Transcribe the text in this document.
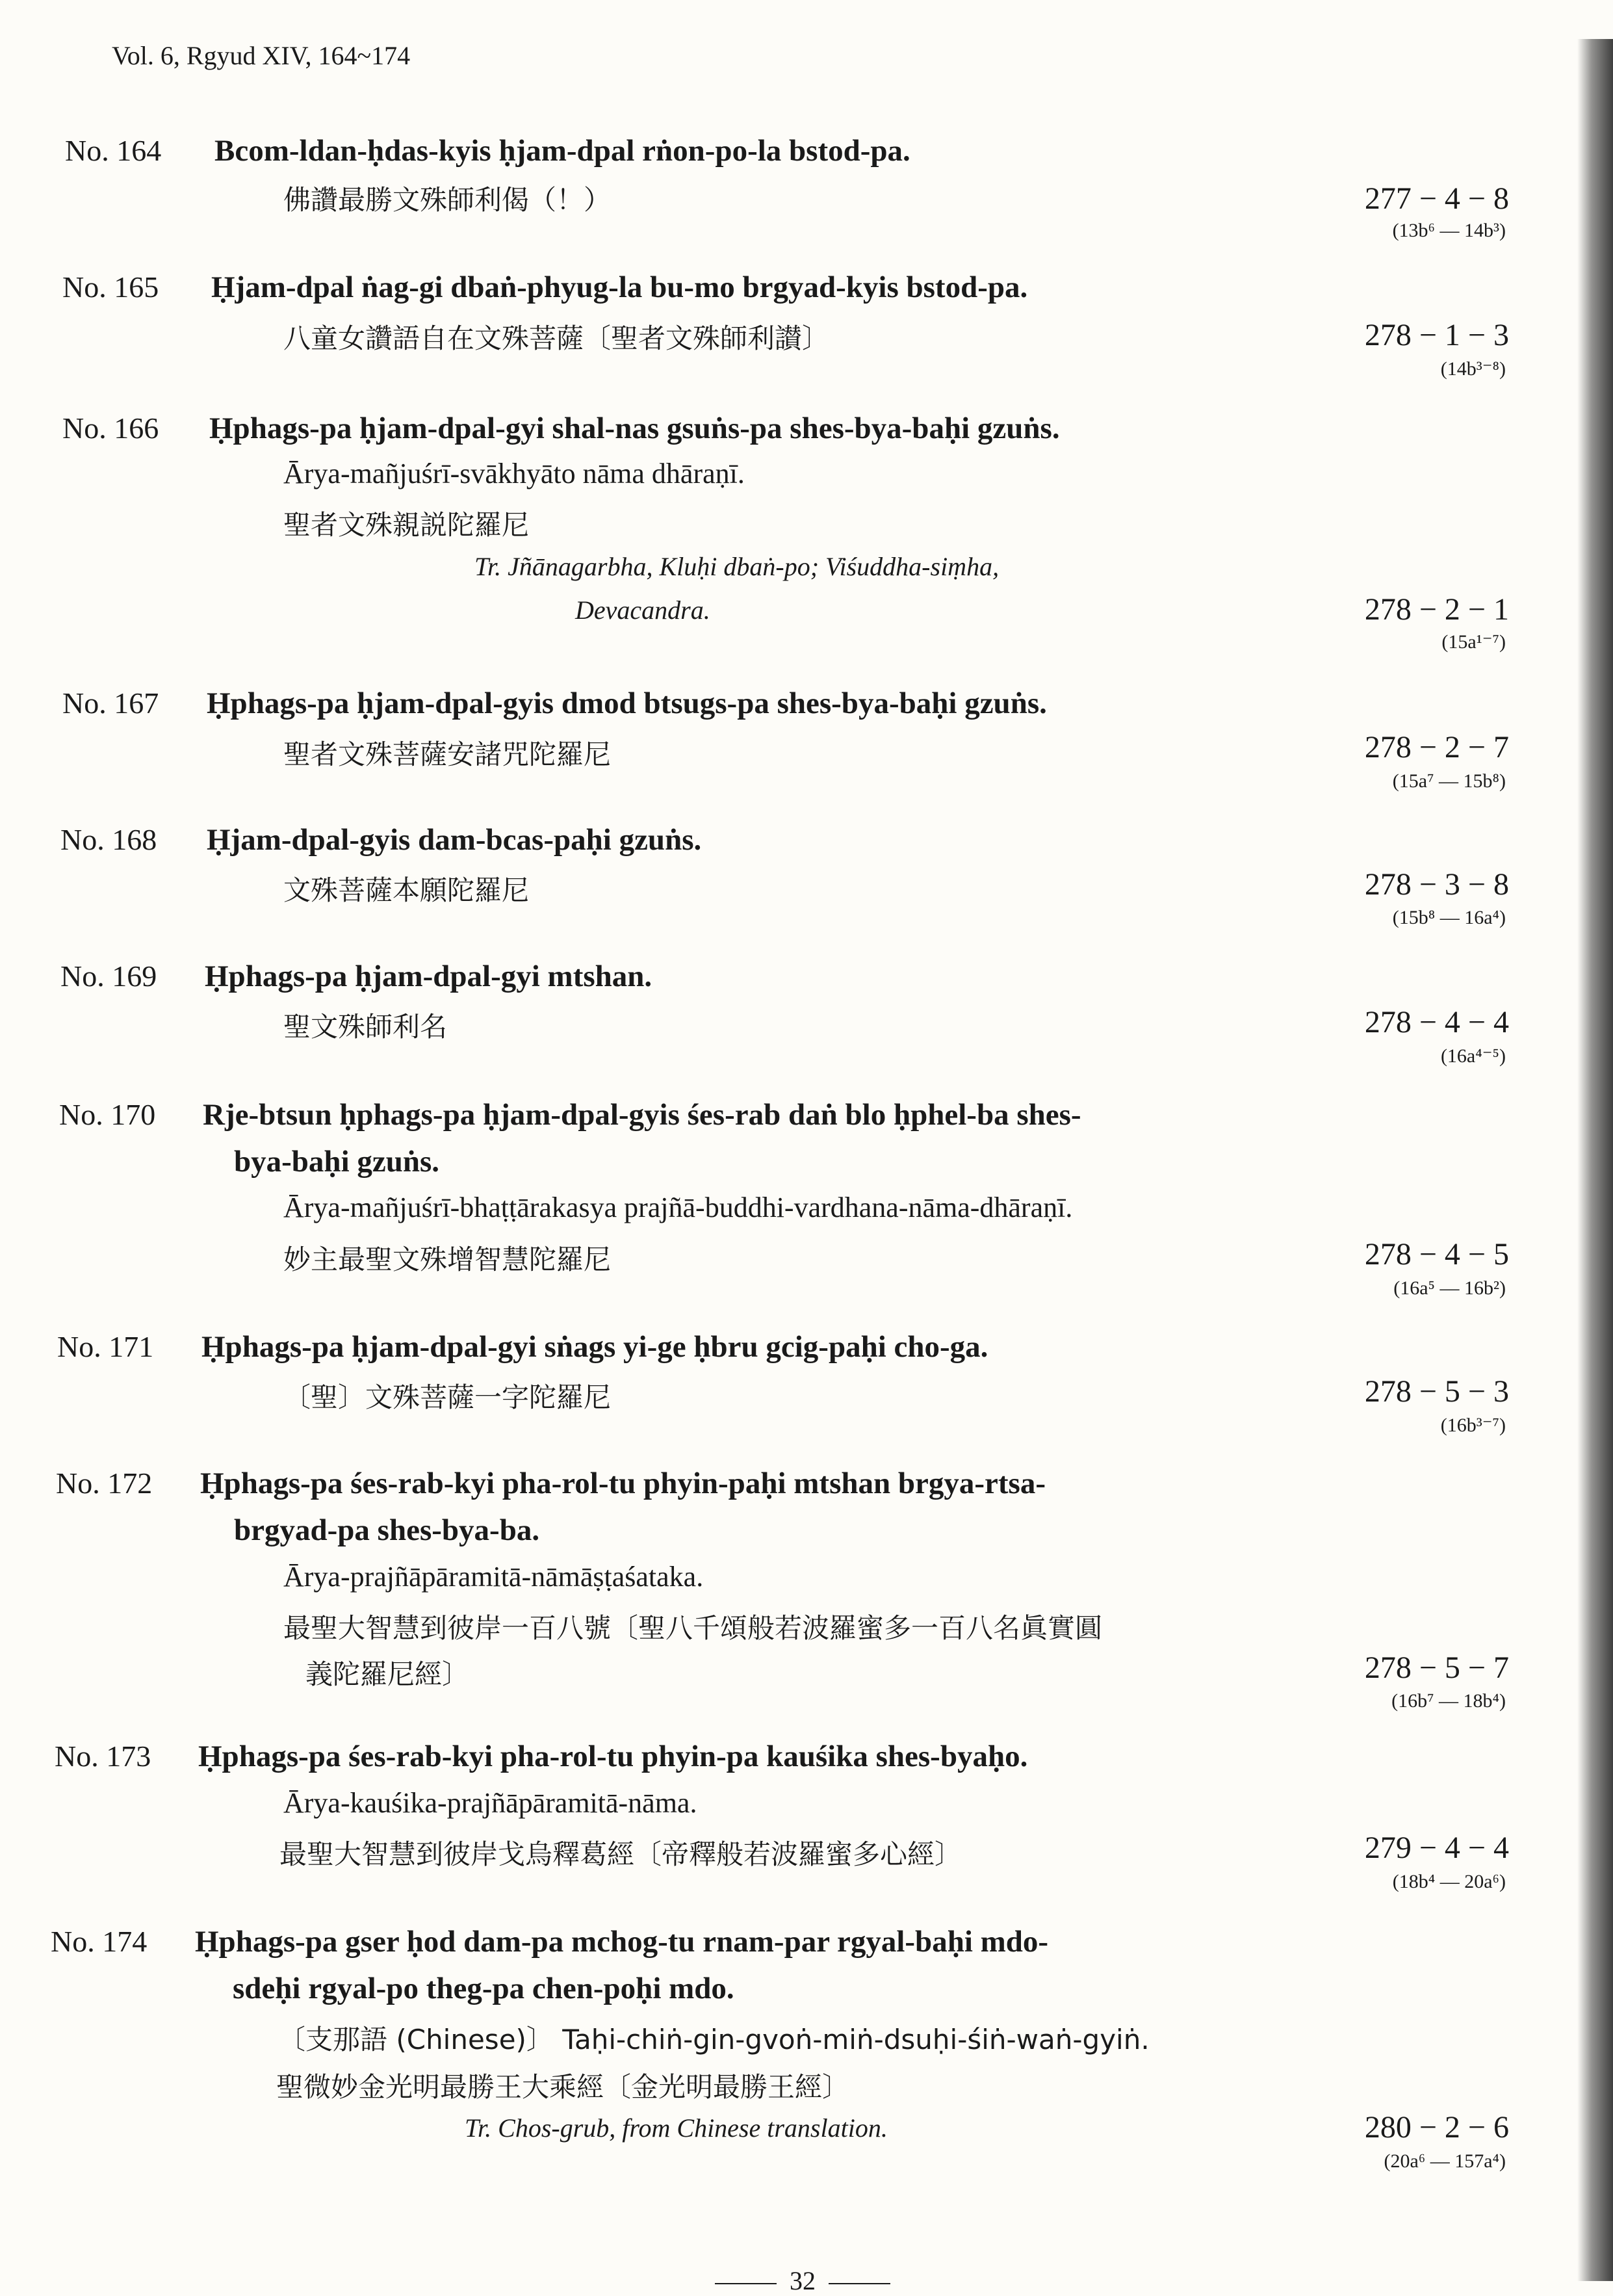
Vol. 6, Rgyud XIV, 164~174
No. 164 Bcom-ldan-ḥdas-kyis ḥjam-dpal rṅon-po-la bstod-pa.
佛讚最勝文殊師利偈（！）	277 − 4 − 8
(13b⁶ — 14b³)
No. 165 Ḥjam-dpal ṅag-gi dbaṅ-phyug-la bu-mo brgyad-kyis bstod-pa.
八童女讚語自在文殊菩薩〔聖者文殊師利讃〕	278 − 1 − 3
(14b³⁻⁸)
No. 166 Ḥphags-pa ḥjam-dpal-gyi shal-nas gsuṅs-pa shes-bya-baḥi gzuṅs.
Ārya-mañjuśrī-svākhyāto nāma dhāraṇī.
聖者文殊親説陀羅尼
Tr. Jñānagarbha, Kluḥi dbaṅ-po; Viśuddha-siṃha,
Devacandra.	278 − 2 − 1
(15a¹⁻⁷)
No. 167 Ḥphags-pa ḥjam-dpal-gyis dmod btsugs-pa shes-bya-baḥi gzuṅs.
聖者文殊菩薩安諸咒陀羅尼	278 − 2 − 7
(15a⁷ — 15b⁸)
No. 168 Ḥjam-dpal-gyis dam-bcas-paḥi gzuṅs.
文殊菩薩本願陀羅尼	278 − 3 − 8
(15b⁸ — 16a⁴)
No. 169 Ḥphags-pa ḥjam-dpal-gyi mtshan.
聖文殊師利名	278 − 4 − 4
(16a⁴⁻⁵)
No. 170 Rje-btsun ḥphags-pa ḥjam-dpal-gyis śes-rab daṅ blo ḥphel-ba shes-
bya-baḥi gzuṅs.
Ārya-mañjuśrī-bhaṭṭārakasya prajñā-buddhi-vardhana-nāma-dhāraṇī.
妙主最聖文殊增智慧陀羅尼	278 − 4 − 5
(16a⁵ — 16b²)
No. 171 Ḥphags-pa ḥjam-dpal-gyi sṅags yi-ge ḥbru gcig-paḥi cho-ga.
〔聖〕文殊菩薩一字陀羅尼	278 − 5 − 3
(16b³⁻⁷)
No. 172 Ḥphags-pa śes-rab-kyi pha-rol-tu phyin-paḥi mtshan brgya-rtsa-
brgyad-pa shes-bya-ba.
Ārya-prajñāpāramitā-nāmāṣṭaśataka.
最聖大智慧到彼岸一百八號〔聖八千頌般若波羅蜜多一百八名眞實圓
義陀羅尼經〕	278 − 5 − 7
(16b⁷ — 18b⁴)
No. 173 Ḥphags-pa śes-rab-kyi pha-rol-tu phyin-pa kauśika shes-byaḥo.
Ārya-kauśika-prajñāpāramitā-nāma.
最聖大智慧到彼岸戈烏釋葛經〔帝釋般若波羅蜜多心經〕	279 − 4 − 4
(18b⁴ — 20a⁶)
No. 174 Ḥphags-pa gser ḥod dam-pa mchog-tu rnam-par rgyal-baḥi mdo-
sdeḥi rgyal-po theg-pa chen-poḥi mdo.
〔支那語 (Chinese)〕 Taḥi-chiṅ-gin-gvoṅ-miṅ-dsuḥi-śiṅ-waṅ-gyiṅ.
聖微妙金光明最勝王大乘經〔金光明最勝王經〕
Tr. Chos-grub, from Chinese translation.	280 − 2 − 6
(20a⁶ — 157a⁴)
32
